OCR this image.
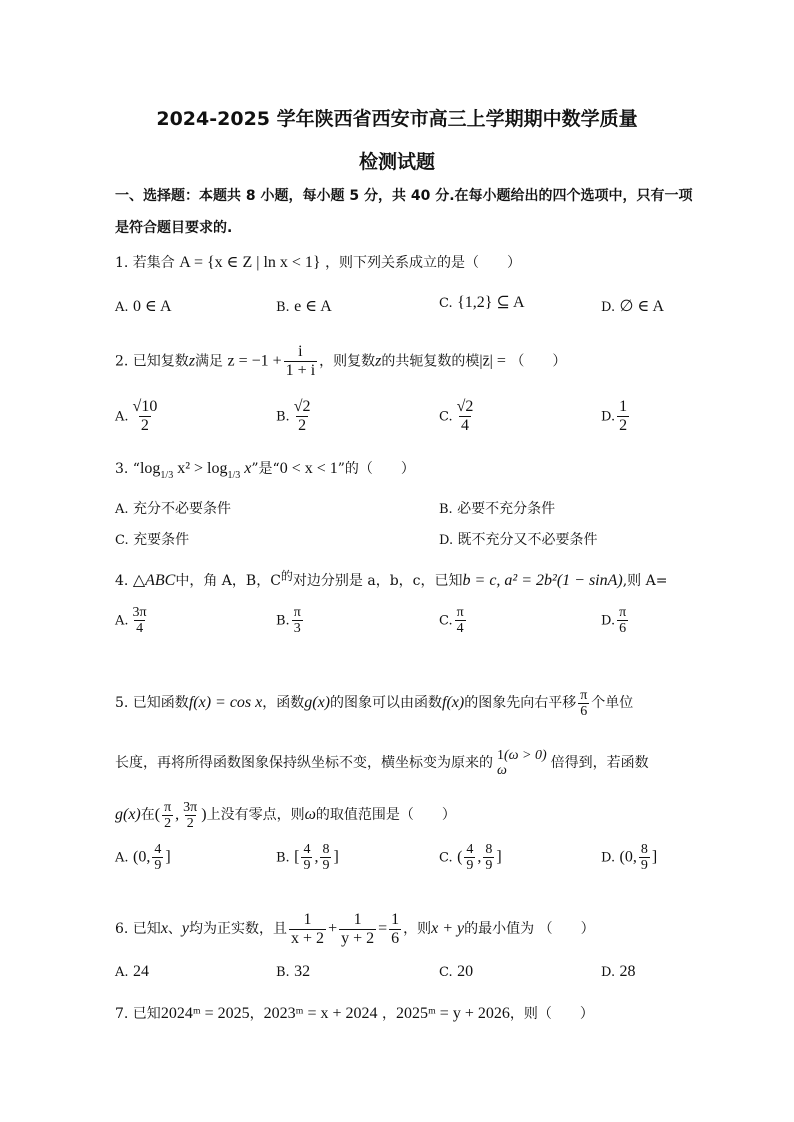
2024-2025 学年陕西省西安市高三上学期期中数学质量
检测试题
一、选择题：本题共 8 小题，每小题 5 分，共 40 分.在每小题给出的四个选项中，只有一项
是符合题目要求的.
1. 若集合 A = {x ∈ Z | ln x < 1} ，则下列关系成立的是（　　）
A. 0 ∈ A	B. e ∈ A	C. {1,2} ⊆ A	D. ∅ ∈ A
2. 已知复数z满足 $z = -1 + \frac{i}{1 + i}$ ，则复数z的共轭复数的模|z̄| = （　　）
A. $\frac{√10}{2}$	B. $\frac{√2}{2}$	C. $\frac{√2}{4}$	D. $\frac{1}{2}$
3. “$\log_{1/3}$ $x^2 > \log_{1/3} x$”是“0 < x < 1”的（　　）
A. 充分不必要条件	B. 必要不充分条件
C. 充要条件	D. 既不充分又不必要条件
4. △ABC中，角 A，B，C的对边分别是 a，b，c，已知b = c, a² = 2b²(1 − sinA),则 A=
A. $\frac{3\pi}{4}$	B. $\frac{\pi}{3}$	C. $\frac{\pi}{4}$	D. $\frac{\pi}{6}$
5. 已知函数f(x) = cos x，函数g(x)的图象可以由函数f(x)的图象先向右平移 $\frac{\pi}{6}$ 个单位
长度，再将所得函数图象保持纵坐标不变，横坐标变为原来的 1(ω > 0)
ω	倍得到，若函数
g(x)在( $\frac{\pi}{2}$ , $\frac{3\pi}{2}$ )上没有零点，则ω的取值范围是（　　）
A. (0, $\frac{4}{9}$ ]	B. [ $\frac{4}{9}$ , $\frac{8}{9}$ ]	C. ( $\frac{4}{9}$ , $\frac{8}{9}$ ]	D. (0, $\frac{8}{9}$ ]
6. 已知x、y均为正实数，且 $\frac{1}{x + 2} + \frac{1}{y + 2} = \frac{1}{6}$ ，则x + y的最小值为 （　　）
A. 24	B. 32	C. 20	D. 28
7. 已知2024ᵐ = 2025，2023ᵐ = x + 2024 ，2025ᵐ = y + 2026，则（　　）
